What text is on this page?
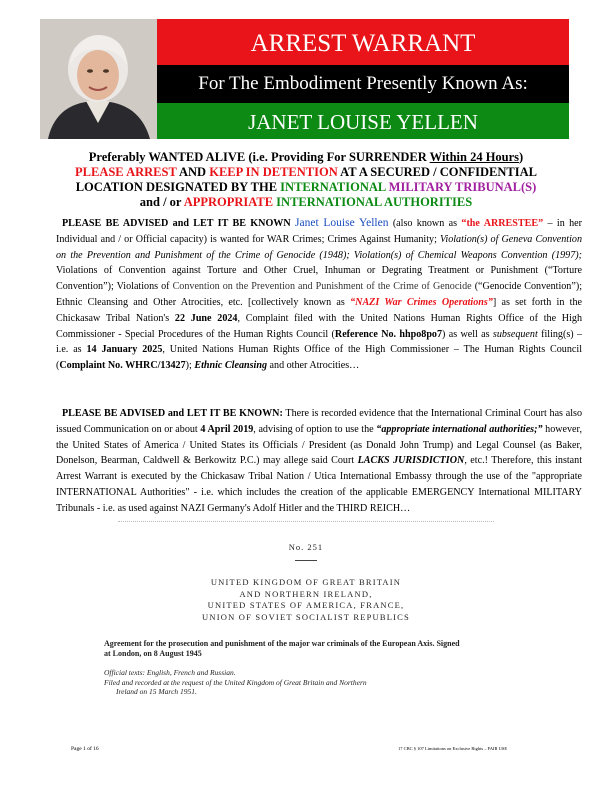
ARREST WARRANT
For The Embodiment Presently Known As:
JANET LOUISE YELLEN
Preferably WANTED ALIVE (i.e. Providing For SURRENDER Within 24 Hours)
PLEASE ARREST AND KEEP IN DETENTION AT A SECURED / CONFIDENTIAL
LOCATION DESIGNATED BY THE INTERNATIONAL MILITARY TRIBUNAL(S)
and / or APPROPRIATE INTERNATIONAL AUTHORITIES
PLEASE BE ADVISED and LET IT BE KNOWN Janet Louise Yellen (also known as “the ARRESTEE” – in her Individual and / or Official capacity) is wanted for WAR Crimes; Crimes Against Humanity; Violation(s) of Geneva Convention on the Prevention and Punishment of the Crime of Genocide (1948); Violation(s) of Chemical Weapons Convention (1997); Violations of Convention against Torture and Other Cruel, Inhuman or Degrating Treatment or Punishment (“Torture Convention”); Violations of Convention on the Prevention and Punishment of the Crime of Genocide (“Genocide Convention”); Ethnic Cleansing and Other Atrocities, etc. [collectively known as “NAZI War Crimes Operations”] as set forth in the Chickasaw Tribal Nation's 22 June 2024, Complaint filed with the United Nations Human Rights Office of the High Commissioner - Special Procedures of the Human Rights Council (Reference No. hhpo8po7) as well as subsequent filing(s) – i.e. as 14 January 2025, United Nations Human Rights Office of the High Commissioner – The Human Rights Council (Complaint No. WHRC/13427); Ethnic Cleansing and other Atrocities…
PLEASE BE ADVISED and LET IT BE KNOWN: There is recorded evidence that the International Criminal Court has also issued Communication on or about 4 April 2019, advising of option to use the “appropriate international authorities;” however, the United States of America / United States its Officials / President (as Donald John Trump) and Legal Counsel (as Baker, Donelson, Bearman, Caldwell & Berkowitz P.C.) may allege said Court LACKS JURISDICTION, etc.! Therefore, this instant Arrest Warrant is executed by the Chickasaw Tribal Nation / Utica International Embassy through the use of the "appropriate INTERNATIONAL Authorities" - i.e. which includes the creation of the applicable EMERGENCY International MILITARY Tribunals - i.e. as used against NAZI Germany's Adolf Hitler and the THIRD REICH…
No. 251
UNITED KINGDOM OF GREAT BRITAIN
AND NORTHERN IRELAND,
UNITED STATES OF AMERICA, FRANCE,
UNION OF SOVIET SOCIALIST REPUBLICS
Agreement for the prosecution and punishment of the major war criminals of the European Axis. Signed at London, on 8 August 1945
Official texts: English, French and Russian.
Filed and recorded at the request of the United Kingdom of Great Britain and Northern
Ireland on 15 March 1951.
Page 1 of 16	17 CBC § 107 Limitations on Exclusive Rights – FAIR USE
